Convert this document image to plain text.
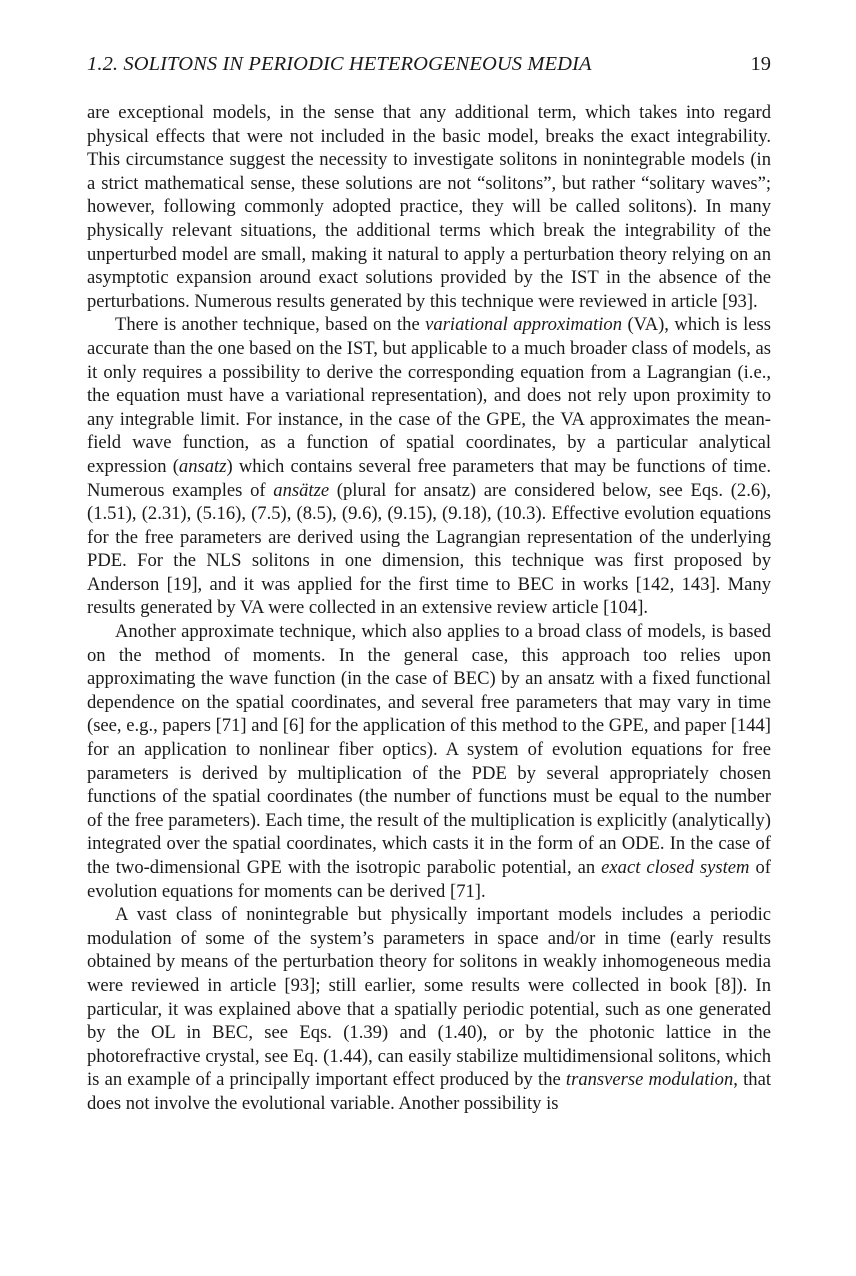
1.2. SOLITONS IN PERIODIC HETEROGENEOUS MEDIA	19

are exceptional models, in the sense that any additional term, which takes into regard physical effects that were not included in the basic model, breaks the exact integrability. This circumstance suggest the necessity to investigate solitons in nonintegrable models (in a strict mathematical sense, these solutions are not “solitons”, but rather “solitary waves”; however, following commonly adopted practice, they will be called solitons). In many physically relevant situations, the additional terms which break the integrability of the unperturbed model are small, making it natural to apply a perturbation theory relying on an asymptotic expansion around exact solutions provided by the IST in the absence of the perturbations. Numerous results generated by this technique were reviewed in article [93].

There is another technique, based on the variational approximation (VA), which is less accurate than the one based on the IST, but applicable to a much broader class of models, as it only requires a possibility to derive the corresponding equation from a Lagrangian (i.e., the equation must have a variational representation), and does not rely upon proximity to any integrable limit. For instance, in the case of the GPE, the VA approximates the mean-field wave function, as a function of spatial coordinates, by a particular analytical expression (ansatz) which contains several free parameters that may be functions of time. Numerous examples of ansätze (plural for ansatz) are considered below, see Eqs. (2.6), (1.51), (2.31), (5.16), (7.5), (8.5), (9.6), (9.15), (9.18), (10.3). Effective evolution equations for the free parameters are derived using the Lagrangian representation of the underlying PDE. For the NLS solitons in one dimension, this technique was first proposed by Anderson [19], and it was applied for the first time to BEC in works [142, 143]. Many results generated by VA were collected in an extensive review article [104].

Another approximate technique, which also applies to a broad class of models, is based on the method of moments. In the general case, this approach too relies upon approximating the wave function (in the case of BEC) by an ansatz with a fixed functional dependence on the spatial coordinates, and several free parameters that may vary in time (see, e.g., papers [71] and [6] for the application of this method to the GPE, and paper [144] for an application to nonlinear fiber optics). A system of evolution equations for free parameters is derived by multiplication of the PDE by several appropriately chosen functions of the spatial coordinates (the number of functions must be equal to the number of the free parameters). Each time, the result of the multiplication is explicitly (analytically) integrated over the spatial coordinates, which casts it in the form of an ODE. In the case of the two-dimensional GPE with the isotropic parabolic potential, an exact closed system of evolution equations for moments can be derived [71].

A vast class of nonintegrable but physically important models includes a periodic modulation of some of the system’s parameters in space and/or in time (early results obtained by means of the perturbation theory for solitons in weakly inhomogeneous media were reviewed in article [93]; still earlier, some results were collected in book [8]). In particular, it was explained above that a spatially periodic potential, such as one generated by the OL in BEC, see Eqs. (1.39) and (1.40), or by the photonic lattice in the photorefractive crystal, see Eq. (1.44), can easily stabilize multidimensional solitons, which is an example of a principally important effect produced by the transverse modulation, that does not involve the evolutional variable. Another possibility is
